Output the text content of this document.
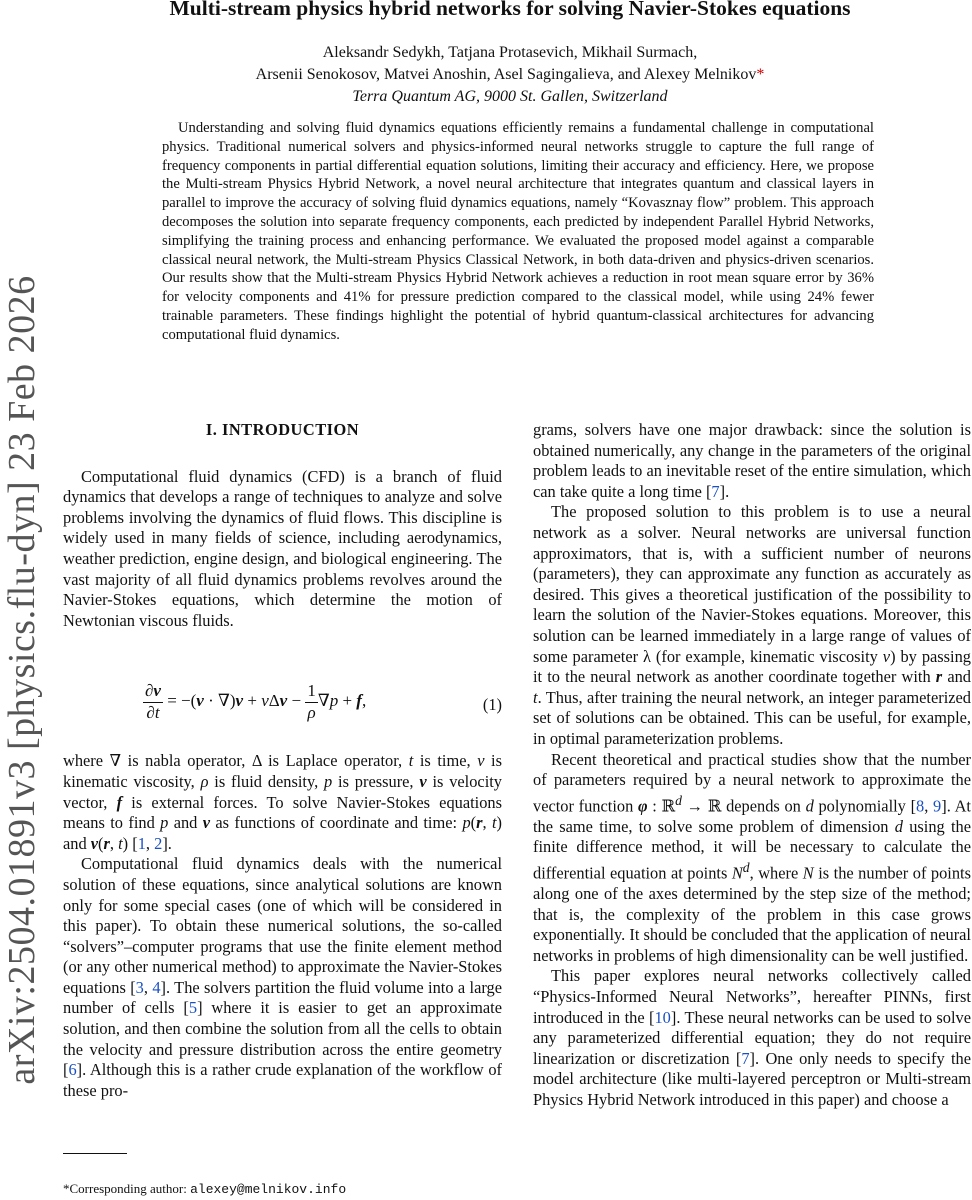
arXiv:2504.01891v3 [physics.flu-dyn] 23 Feb 2026
Multi-stream physics hybrid networks for solving Navier-Stokes equations
Aleksandr Sedykh, Tatjana Protasevich, Mikhail Surmach,
Arsenii Senokosov, Matvei Anoshin, Asel Sagingalieva, and Alexey Melnikov*
Terra Quantum AG, 9000 St. Gallen, Switzerland
Understanding and solving fluid dynamics equations efficiently remains a fundamental challenge in computational physics. Traditional numerical solvers and physics-informed neural networks struggle to capture the full range of frequency components in partial differential equation solutions, limiting their accuracy and efficiency. Here, we propose the Multi-stream Physics Hybrid Network, a novel neural architecture that integrates quantum and classical layers in parallel to improve the accuracy of solving fluid dynamics equations, namely “Kovasznay flow” problem. This approach decomposes the solution into separate frequency components, each predicted by independent Parallel Hybrid Networks, simplifying the training process and enhancing performance. We evaluated the proposed model against a comparable classical neural network, the Multi-stream Physics Classical Network, in both data-driven and physics-driven scenarios. Our results show that the Multi-stream Physics Hybrid Network achieves a reduction in root mean square error by 36% for velocity components and 41% for pressure prediction compared to the classical model, while using 24% fewer trainable parameters. These findings highlight the potential of hybrid quantum-classical architectures for advancing computational fluid dynamics.
I. INTRODUCTION

Computational fluid dynamics (CFD) is a branch of fluid dynamics that develops a range of techniques to analyze and solve problems involving the dynamics of fluid flows. This discipline is widely used in many fields of science, including aerodynamics, weather prediction, engine design, and biological engineering. The vast majority of all fluid dynamics problems revolves around the Navier-Stokes equations, which determine the motion of Newtonian viscous fluids.

$\frac{\partial v}{\partial t} = -(v \cdot \nabla)v + \nu\Delta v - \frac{1}{\rho} \nabla p + f$,	(1)

where ∇ is nabla operator, Δ is Laplace operator, t is time, ν is kinematic viscosity, ρ is fluid density, p is pressure, v is velocity vector, f is external forces. To solve Navier-Stokes equations means to find p and v as functions of coordinate and time: p(r, t) and v(r, t) [1, 2].

Computational fluid dynamics deals with the numerical solution of these equations, since analytical solutions are known only for some special cases (one of which will be considered in this paper). To obtain these numerical solutions, the so-called “solvers”–computer programs that use the finite element method (or any other numerical method) to approximate the Navier-Stokes equations [3, 4]. The solvers partition the fluid volume into a large number of cells [5] where it is easier to get an approximate solution, and then combine the solution from all the cells to obtain the velocity and pressure distribution across the entire geometry [6]. Although this is a rather crude explanation of the workflow of these pro-

grams, solvers have one major drawback: since the solution is obtained numerically, any change in the parameters of the original problem leads to an inevitable reset of the entire simulation, which can take quite a long time [7].

The proposed solution to this problem is to use a neural network as a solver. Neural networks are universal function approximators, that is, with a sufficient number of neurons (parameters), they can approximate any function as accurately as desired. This gives a theoretical justification of the possibility to learn the solution of the Navier-Stokes equations. Moreover, this solution can be learned immediately in a large range of values of some parameter λ (for example, kinematic viscosity ν) by passing it to the neural network as another coordinate together with r and t. Thus, after training the neural network, an integer parameterized set of solutions can be obtained. This can be useful, for example, in optimal parameterization problems.

Recent theoretical and practical studies show that the number of parameters required by a neural network to approximate the vector function φ : ℝ$^d$ → ℝ depends on d polynomially [8, 9]. At the same time, to solve some problem of dimension d using the finite difference method, it will be necessary to calculate the differential equation at points $N^d$, where N is the number of points along one of the axes determined by the step size of the method; that is, the complexity of the problem in this case grows exponentially. It should be concluded that the application of neural networks in problems of high dimensionality can be well justified.

This paper explores neural networks collectively called “Physics-Informed Neural Networks”, hereafter PINNs, first introduced in the [10]. These neural networks can be used to solve any parameterized differential equation; they do not require linearization or discretization [7]. One only needs to specify the model architecture (like multi-layered perceptron or Multi-stream Physics Hybrid Network introduced in this paper) and choose a

*Corresponding author: alexey@melnikov.info
